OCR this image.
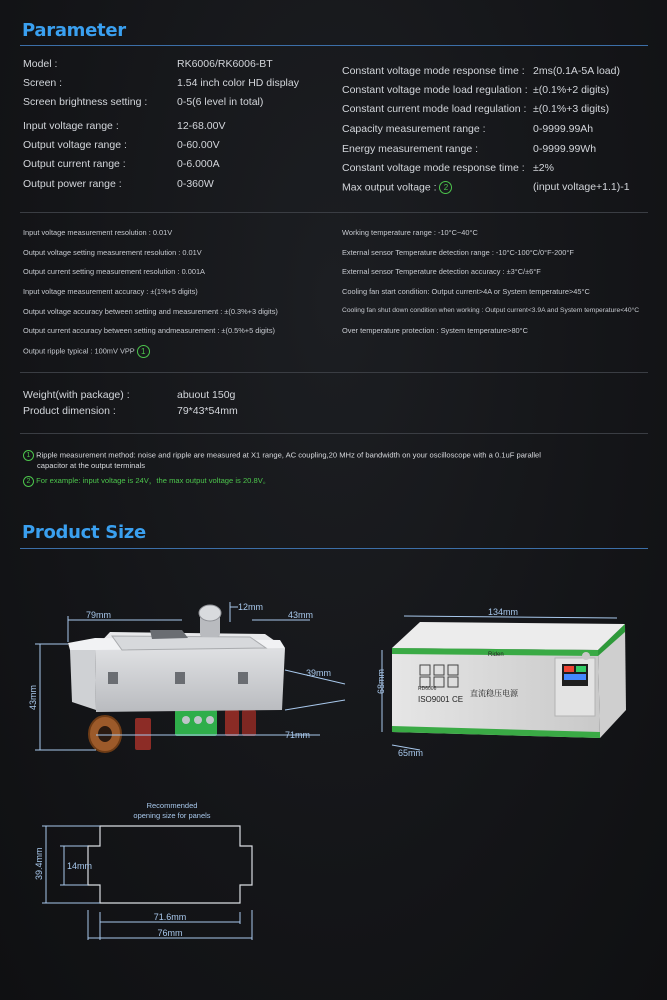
Parameter
Model :	RK6006/RK6006-BT
Screen :	1.54 inch color HD display
Screen brightness setting :	0-5(6 level in total)
Input voltage range :	12-68.00V
Output voltage range :	0-60.00V
Output current range :	0-6.000A
Output power range :	0-360W
Constant voltage mode response time : 2ms(0.1A-5A load)
Constant voltage mode load regulation : ±(0.1%+2 digits)
Constant current mode load regulation : ±(0.1%+3 digits)
Capacity measurement range :	0-9999.99Ah
Energy measurement range :	0-9999.99Wh
Constant voltage mode response time : ±2%
Max output voltage : 2	(input voltage+1.1)-1
Input voltage measurement resolution : 0.01V
Output voltage setting measurement resolution : 0.01V
Output current setting measurement resolution : 0.001A
Input voltage measurement accuracy : ±(1%+5 digits)
Output voltage accuracy between setting and measurement : ±(0.3%+3 digits)
Output current accuracy between setting andmeasurement : ±(0.5%+5 digits)
Output ripple typical : 100mV VPP 1
Working temperature range : -10°C~40°C
External sensor Temperature detection range : -10°C-100°C/0°F-200°F
External sensor Temperature detection accuracy : ±3°C/±6°F
Cooling fan start condition: Output current>4A or System temperature>45°C
Cooling fan shut down condition when working : Output current<3.9A and System temperature<40°C
Over temperature protection : System temperature>80°C
Weight(with package) :	abuout 150g
Product dimension :	79*43*54mm
1 Ripple measurement method: noise and ripple are measured at X1 range, AC coupling,20 MHz of bandwidth on your oscilloscope with a 0.1uF parallel
capacitor at the output terminals
2 For example: input voltage is 24V，the max output voltage is 20.8V。
Product Size
79mm
12mm
43mm
43mm
39mm
71mm
Riden
直流稳压电源
ISO9001 CE
RD6006
134mm
68mm
65mm
Recommended
opening size for panels
39.4mm	14mm
71.6mm
76mm
